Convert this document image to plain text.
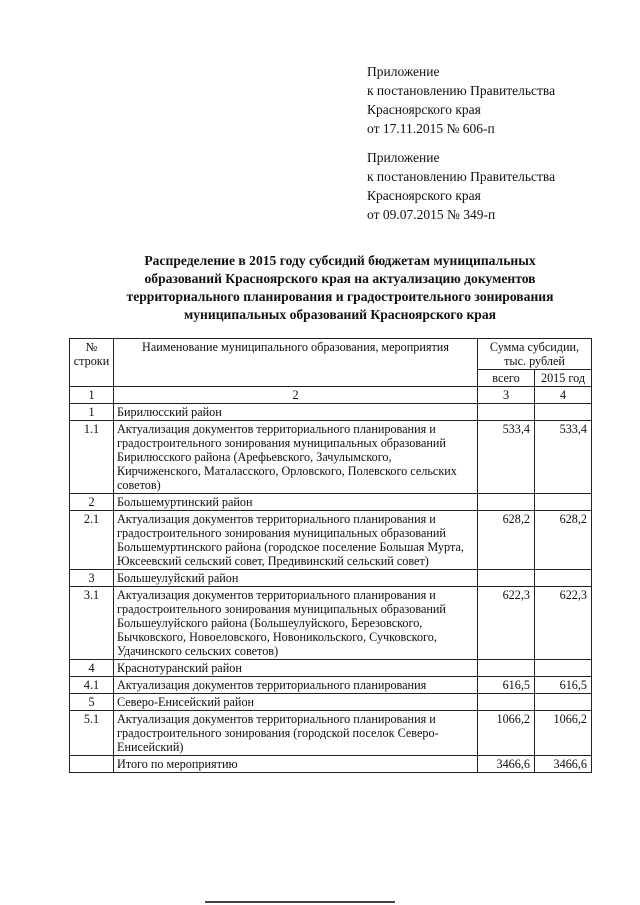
Приложение
к постановлению Правительства
Красноярского края
от 17.11.2015 № 606-п
Приложение
к постановлению Правительства
Красноярского края
от 09.07.2015 № 349-п
Распределение в 2015 году субсидий бюджетам муниципальных
образований Красноярского края на актуализацию документов
территориального планирования и градостроительного зонирования
муниципальных образований Красноярского края
№ строки	Наименование муниципального образования, мероприятия	Сумма субсидии, тыс. рублей	
		всего	2015 год
1	2	3	4
1	Бирилюсский район		
1.1	Актуализация документов территориального планирования и градостроительного зонирования муниципальных образований Бирилюсского района (Арефьевского, Зачулымского, Кирчиженского, Маталасского, Орловского, Полевского сельских советов)	533,4	533,4
2	Большемуртинский район		
2.1	Актуализация документов территориального планирования и градостроительного зонирования муниципальных образований Большемуртинского района (городское поселение Большая Мурта, Юксеевский сельский совет, Предивинский сельский совет)	628,2	628,2
3	Большеулуйский район		
3.1	Актуализация документов территориального планирования и градостроительного зонирования муниципальных образований Большеулуйского района (Большеулуйского, Березовского, Бычковского, Новоеловского, Новоникольского, Сучковского, Удачинского сельских советов)	622,3	622,3
4	Краснотуранский район		
4.1	Актуализация документов территориального планирования	616,5	616,5
5	Северо-Енисейский район		
5.1	Актуализация документов территориального планирования и градостроительного зонирования (городской поселок Северо-Енисейский)	1066,2	1066,2
	Итого по мероприятию	3466,6	3466,6
